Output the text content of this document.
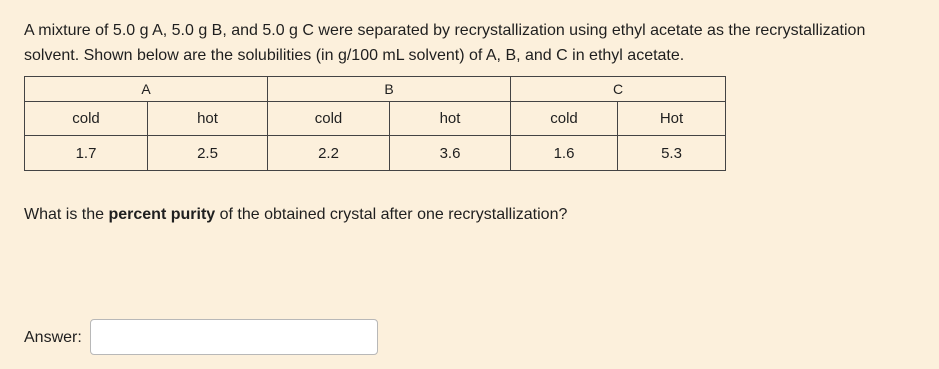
A mixture of 5.0 g A, 5.0 g B, and 5.0 g C were separated by recrystallization using ethyl acetate as the recrystallization solvent. Shown below are the solubilities (in g/100 mL solvent) of A, B, and C in ethyl acetate.
A		B		C	
cold	hot	cold	hot	cold	Hot
1.7	2.5	2.2	3.6	1.6	5.3
What is the percent purity of the obtained crystal after one recrystallization?
Answer:
